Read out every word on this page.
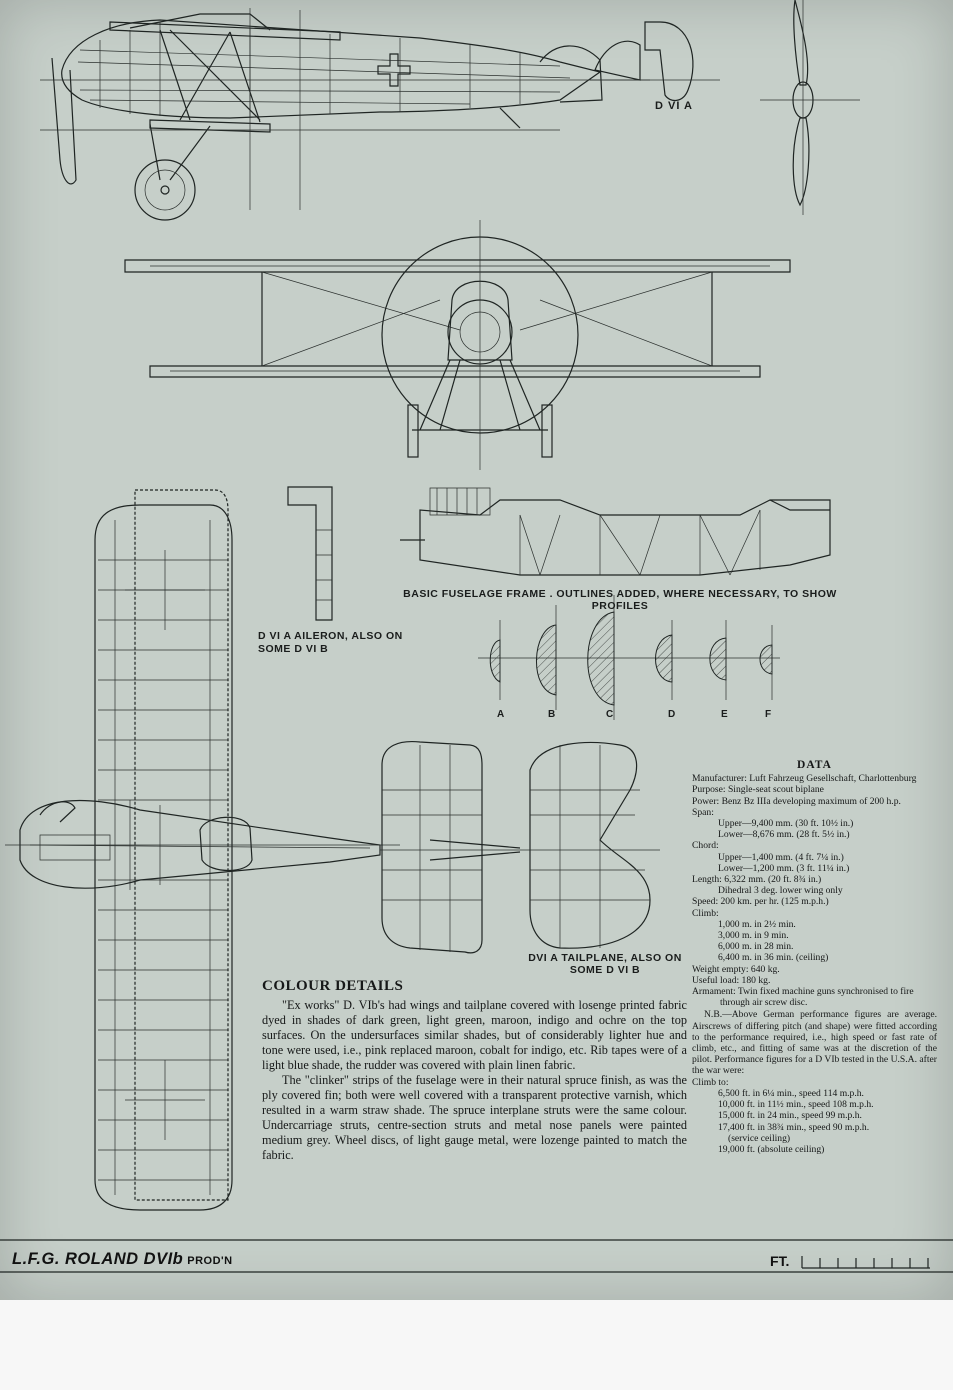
D VI A
BASIC FUSELAGE FRAME . OUTLINES ADDED, WHERE NECESSARY, TO SHOW PROFILES
D VI A AILERON, ALSO ON SOME D VI B
DVI A TAILPLANE, ALSO ON SOME D VI B
A	B	C	D	E	F
COLOUR DETAILS

"Ex works" D. VIb's had wings and tailplane covered with losenge printed fabric dyed in shades of dark green, light green, maroon, indigo and ochre on the top surfaces. On the undersurfaces similar shades, but of considerably lighter hue and tone were used, i.e., pink replaced maroon, cobalt for indigo, etc. Rib tapes were of a light blue shade, the rudder was covered with plain linen fabric.

The "clinker" strips of the fuselage were in their natural spruce finish, as was the ply covered fin; both were well covered with a transparent protective varnish, which resulted in a warm straw shade. The spruce interplane struts were the same colour. Undercarriage struts, centre-section struts and metal nose panels were painted medium grey. Wheel discs, of light gauge metal, were lozenge painted to match the fabric.

DATA
Manufacturer: Luft Fahrzeug Gesellschaft, Charlottenburg
Purpose: Single-seat scout biplane
Power: Benz Bz IIIa developing maximum of 200 h.p.
Span:
Upper—9,400 mm. (30 ft. 10½ in.)
Lower—8,676 mm. (28 ft. 5½ in.)
Chord:
Upper—1,400 mm. (4 ft. 7¼ in.)
Lower—1,200 mm. (3 ft. 11¼ in.)
Length: 6,322 mm. (20 ft. 8¾ in.)
Dihedral 3 deg. lower wing only
Speed: 200 km. per hr. (125 m.p.h.)
Climb:
1,000 m. in 2½ min.
3,000 m. in 9 min.
6,000 m. in 28 min.
6,400 m. in 36 min. (ceiling)
Weight empty: 640 kg.
Useful load: 180 kg.
Armament: Twin fixed machine guns synchronised to fire through air screw disc.
N.B.—Above German performance figures are average. Airscrews of differing pitch (and shape) were fitted according to the performance required, i.e., high speed or fast rate of climb, etc., and fitting of same was at the discretion of the pilot. Performance figures for a D VIb tested in the U.S.A. after the war were:
Climb to:
6,500 ft. in 6¼ min., speed 114 m.p.h.
10,000 ft. in 11½ min., speed 108 m.p.h.
15,000 ft. in 24 min., speed 99 m.p.h.
17,400 ft. in 38¾ min., speed 90 m.p.h.
(service ceiling)
19,000 ft. (absolute ceiling)
L.F.G. ROLAND DVIb PROD'N	FT.
